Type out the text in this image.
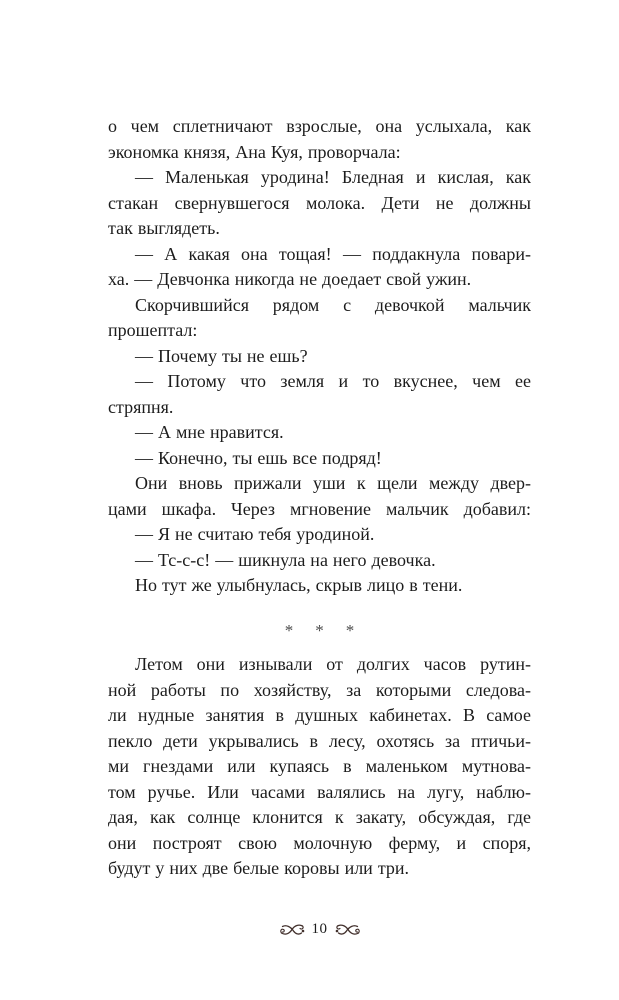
о чем сплетничают взрослые, она услыхала, как
экономка князя, Ана Куя, проворчала:
— Маленькая уродина! Бледная и кислая, как
стакан свернувшегося молока. Дети не должны
так выглядеть.
— А какая она тощая! — поддакнула повари-
ха. — Девчонка никогда не доедает свой ужин.
Скорчившийся рядом с девочкой мальчик
прошептал:
— Почему ты не ешь?
— Потому что земля и то вкуснее, чем ее
стряпня.
— А мне нравится.
— Конечно, ты ешь все подряд!
Они вновь прижали уши к щели между двер-
цами шкафа. Через мгновение мальчик добавил:
— Я не считаю тебя уродиной.
— Тс-с-с! — шикнула на него девочка.
Но тут же улыбнулась, скрыв лицо в тени.
* * *
Летом они изнывали от долгих часов рутин-
ной работы по хозяйству, за которыми следова-
ли нудные занятия в душных кабинетах. В самое
пекло дети укрывались в лесу, охотясь за птичьи-
ми гнездами или купаясь в маленьком мутнова-
том ручье. Или часами валялись на лугу, наблю-
дая, как солнце клонится к закату, обсуждая, где
они построят свою молочную ферму, и споря,
будут у них две белые коровы или три.
10
